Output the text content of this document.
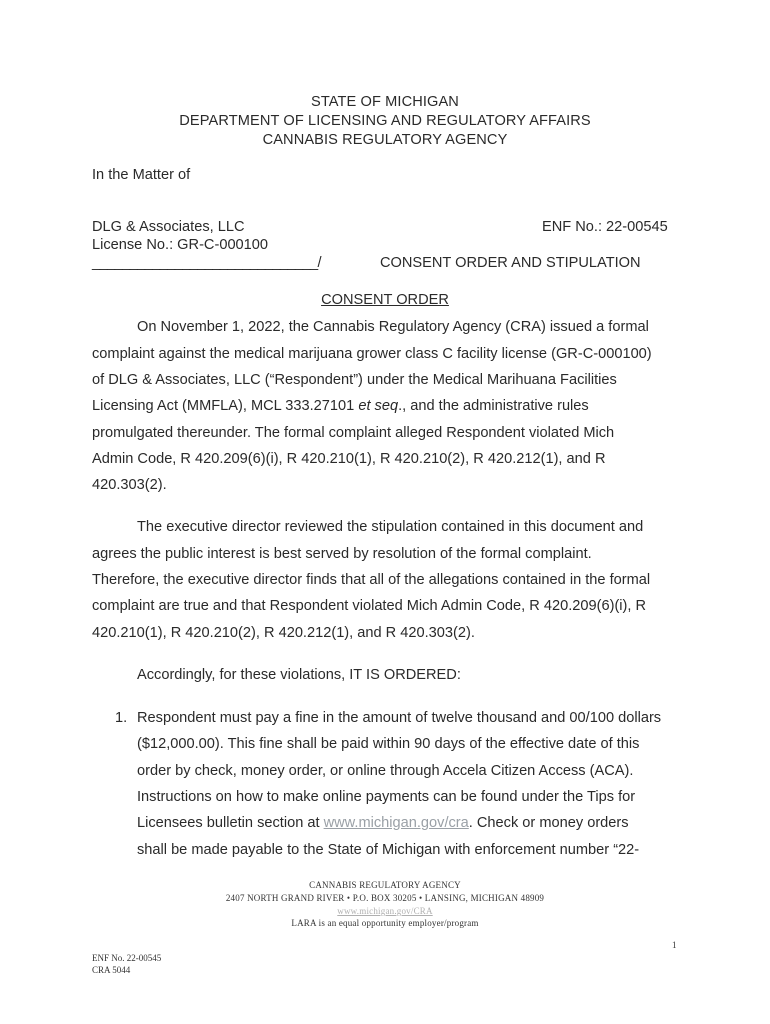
STATE OF MICHIGAN
DEPARTMENT OF LICENSING AND REGULATORY AFFAIRS
CANNABIS REGULATORY AGENCY
In the Matter of
DLG & Associates, LLC	ENF No.: 22-00545
License No.: GR-C-000100
______________________________/	CONSENT ORDER AND STIPULATION
CONSENT ORDER
On November 1, 2022, the Cannabis Regulatory Agency (CRA) issued a formal
complaint against the medical marijuana grower class C facility license (GR-C-000100)
of DLG & Associates, LLC (“Respondent”) under the Medical Marihuana Facilities
Licensing Act (MMFLA), MCL 333.27101 et seq., and the administrative rules
promulgated thereunder. The formal complaint alleged Respondent violated Mich
Admin Code, R 420.209(6)(i), R 420.210(1), R 420.210(2), R 420.212(1), and R
420.303(2).
The executive director reviewed the stipulation contained in this document and
agrees the public interest is best served by resolution of the formal complaint.
Therefore, the executive director finds that all of the allegations contained in the formal
complaint are true and that Respondent violated Mich Admin Code, R 420.209(6)(i), R
420.210(1), R 420.210(2), R 420.212(1), and R 420.303(2).
Accordingly, for these violations, IT IS ORDERED:
1. Respondent must pay a fine in the amount of twelve thousand and 00/100 dollars
($12,000.00). This fine shall be paid within 90 days of the effective date of this
order by check, money order, or online through Accela Citizen Access (ACA).
Instructions on how to make online payments can be found under the Tips for
Licensees bulletin section at www.michigan.gov/cra. Check or money orders
shall be made payable to the State of Michigan with enforcement number “22-
CANNABIS REGULATORY AGENCY
2407 NORTH GRAND RIVER • P.O. BOX 30205 • LANSING, MICHIGAN 48909
www.michigan.gov/CRA
LARA is an equal opportunity employer/program
1
ENF No. 22-00545
CRA 5044
